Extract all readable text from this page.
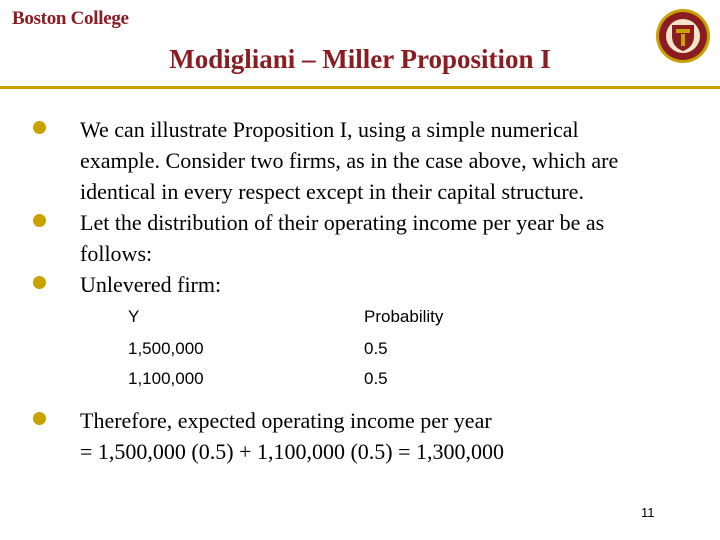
Boston College
Modigliani – Miller Proposition I
We can illustrate Proposition I, using a simple numerical
example. Consider two firms, as in the case above, which are
identical in every respect except in their capital structure.
Let the distribution of their operating income per year be as
follows:
Unlevered firm:
Y	Probability
1,500,000	0.5
1,100,000	0.5
Therefore, expected operating income per year
= 1,500,000 (0.5) + 1,100,000 (0.5) = 1,300,000
11
